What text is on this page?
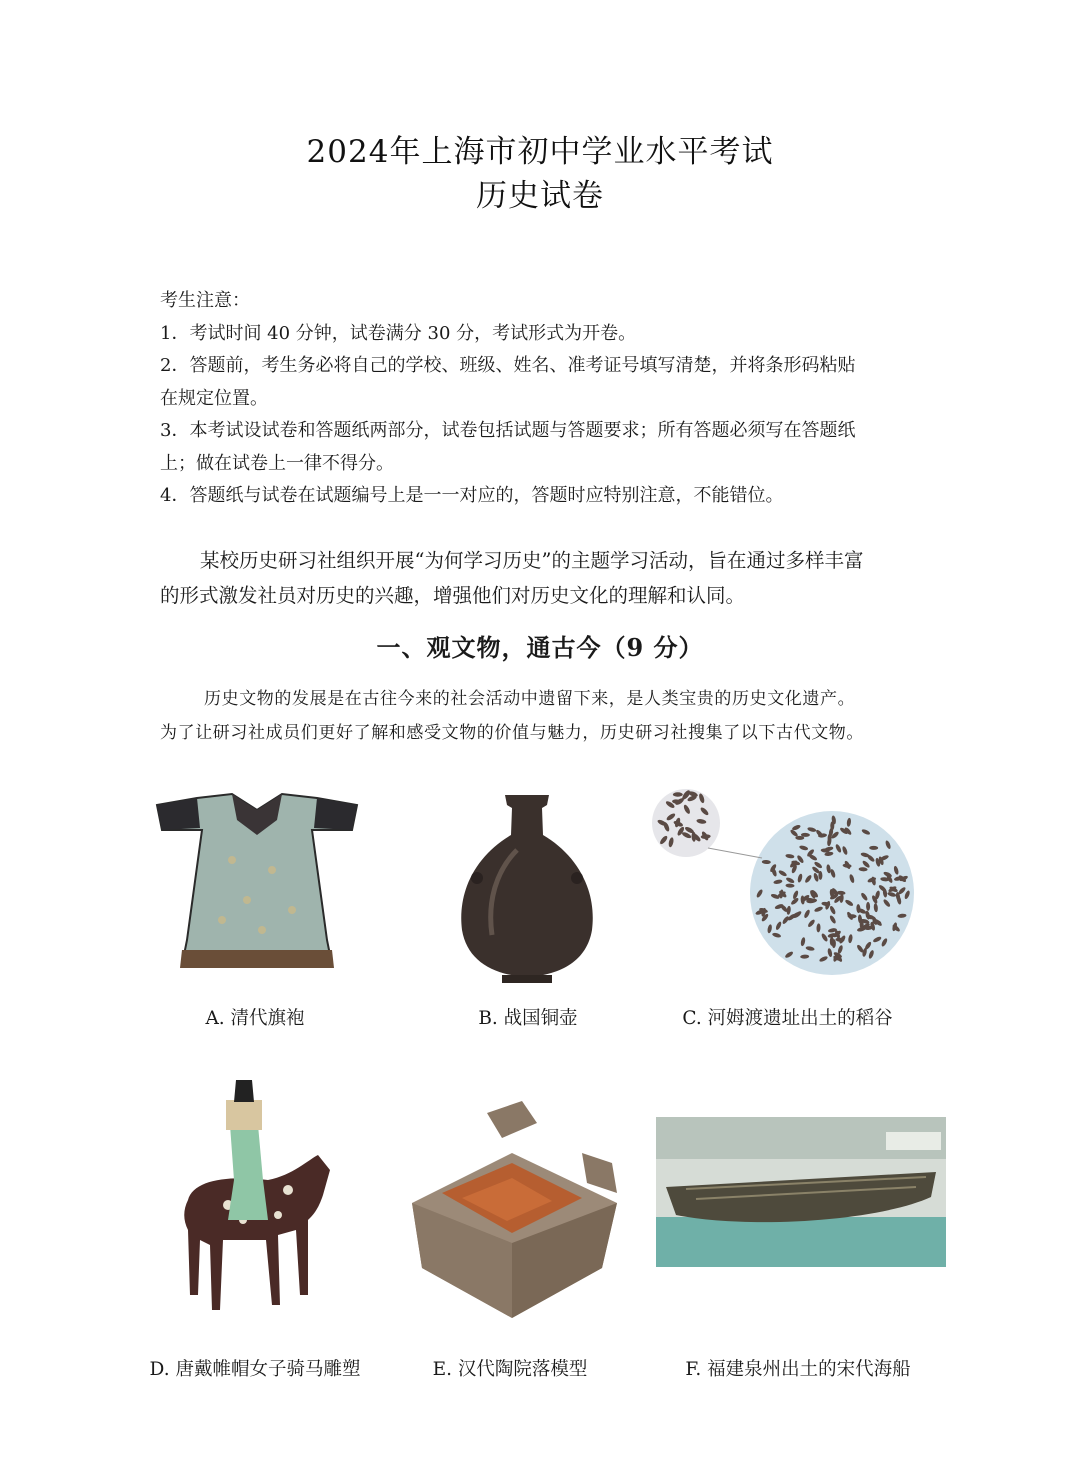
2024年上海市初中学业水平考试
历史试卷
考生注意：
1．考试时间 40 分钟，试卷满分 30 分，考试形式为开卷。
2．答题前，考生务必将自己的学校、班级、姓名、准考证号填写清楚，并将条形码粘贴
在规定位置。
3．本考试设试卷和答题纸两部分，试卷包括试题与答题要求；所有答题必须写在答题纸
上；做在试卷上一律不得分。
4．答题纸与试卷在试题编号上是一一对应的，答题时应特别注意，不能错位。
某校历史研习社组织开展“为何学习历史”的主题学习活动，旨在通过多样丰富
的形式激发社员对历史的兴趣，增强他们对历史文化的理解和认同。
一、观文物，通古今（9 分）
历史文物的发展是在古往今来的社会活动中遗留下来，是人类宝贵的历史文化遗产。
为了让研习社成员们更好了解和感受文物的价值与魅力，历史研习社搜集了以下古代文物。
A. 清代旗袍	B. 战国铜壶	C. 河姆渡遗址出土的稻谷
D. 唐戴帷帽女子骑马雕塑	E. 汉代陶院落模型	F. 福建泉州出土的宋代海船
